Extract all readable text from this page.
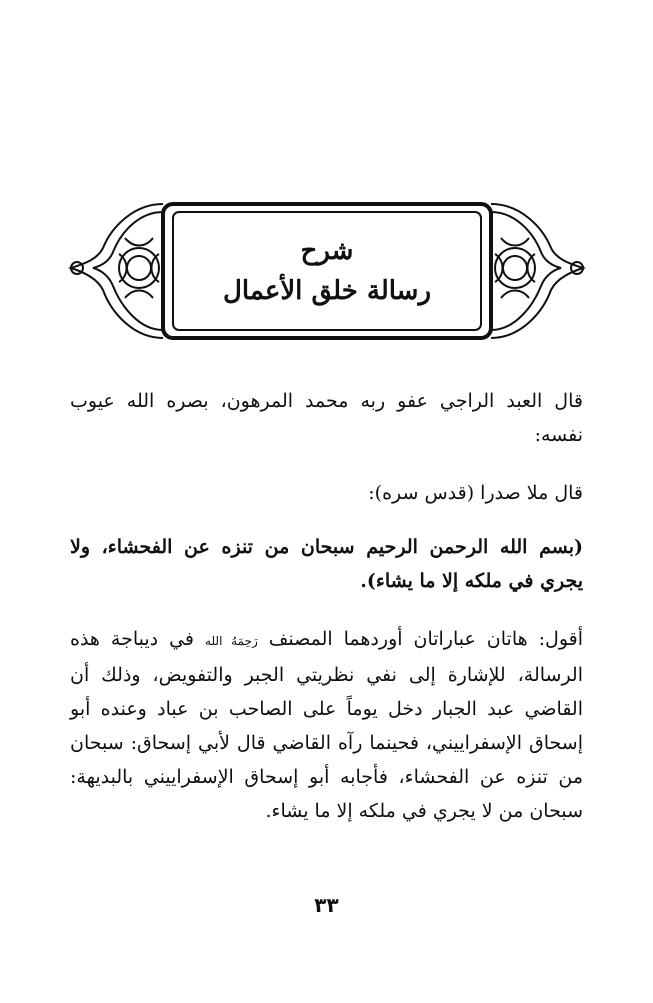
شرح
رسالة خلق الأعمال
قال العبد الراجي عفو ربه محمد المرهون، بصره الله عيوب نفسه:
قال ملا صدرا (قدس سره):
(بسم الله الرحمن الرحيم سبحان من تنزه عن الفحشاء، ولا يجري في ملكه إلا ما يشاء).
أقول: هاتان عباراتان أوردهما المصنف رَحِمَهُ الله في ديباجة هذه الرسالة، للإشارة إلى نفي نظريتي الجبر والتفويض، وذلك أن القاضي عبد الجبار دخل يوماً على الصاحب بن عباد وعنده أبو إسحاق الإسفراييني، فحينما رآه القاضي قال لأبي إسحاق: سبحان من تنزه عن الفحشاء، فأجابه أبو إسحاق الإسفراييني بالبديهة: سبحان من لا يجري في ملكه إلا ما يشاء.
٣٣
